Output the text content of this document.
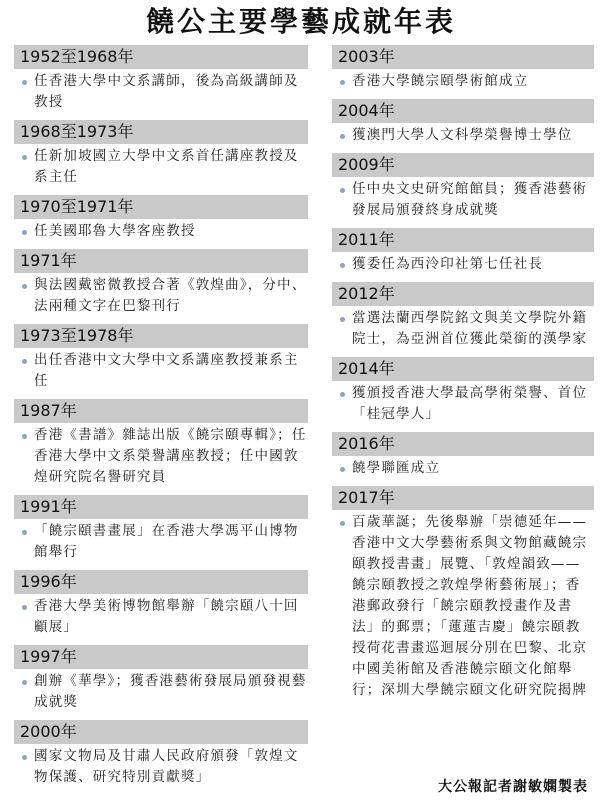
饒公主要學藝成就年表
1952至1968年
任香港大學中文系講師，後為高級講師及教授
1968至1973年
任新加坡國立大學中文系首任講座教授及系主任
1970至1971年
任美國耶魯大學客座教授
1971年
與法國戴密微教授合著《敦煌曲》，分中、法兩種文字在巴黎刊行
1973至1978年
出任香港中文大學中文系講座教授兼系主任
1987年
香港《書譜》雜誌出版《饒宗頤專輯》；任香港大學中文系榮譽講座教授；任中國敦煌研究院名譽研究員
1991年
「饒宗頤書畫展」在香港大學馮平山博物館舉行
1996年
香港大學美術博物館舉辦「饒宗頤八十回顧展」
1997年
創辦《華學》；獲香港藝術發展局頒發視藝成就獎
2000年
國家文物局及甘肅人民政府頒發「敦煌文物保護、研究特別貢獻獎」
2003年
香港大學饒宗頤學術館成立
2004年
獲澳門大學人文科學榮譽博士學位
2009年
任中央文史研究館館員；獲香港藝術發展局頒發終身成就獎
2011年
獲委任為西泠印社第七任社長
2012年
當選法蘭西學院銘文與美文學院外籍院士，為亞洲首位獲此榮銜的漢學家
2014年
獲頒授香港大學最高學術榮譽、首位「桂冠學人」
2016年
饒學聯匯成立
2017年
百歲華誕；先後舉辦「崇德延年——香港中文大學藝術系與文物館藏饒宗頤教授書畫」展覽、「敦煌韻致——饒宗頤教授之敦煌學術藝術展」；香港郵政發行「饒宗頤教授畫作及書法」的郵票；「蓮蓮吉慶」饒宗頤教授荷花書畫巡迴展分別在巴黎、北京中國美術館及香港饒宗頤文化館舉行；深圳大學饒宗頤文化研究院揭牌
大公報記者謝敏嫻製表
